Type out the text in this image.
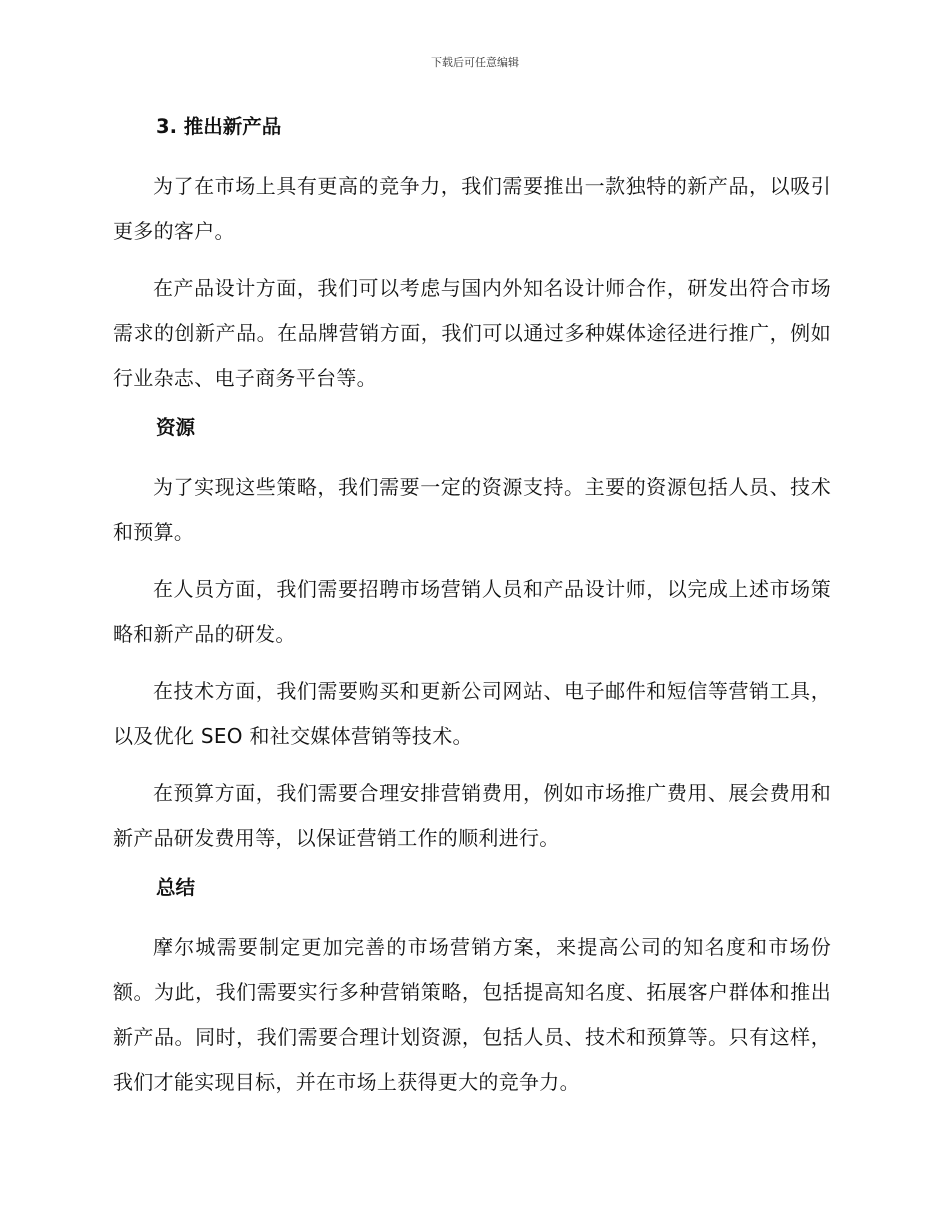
下载后可任意编辑
3. 推出新产品

为了在市场上具有更高的竞争力，我们需要推出一款独特的新产品，以吸引更多的客户。

在产品设计方面，我们可以考虑与国内外知名设计师合作，研发出符合市场需求的创新产品。在品牌营销方面，我们可以通过多种媒体途径进行推广，例如行业杂志、电子商务平台等。

资源

为了实现这些策略，我们需要一定的资源支持。主要的资源包括人员、技术和预算。

在人员方面，我们需要招聘市场营销人员和产品设计师，以完成上述市场策略和新产品的研发。

在技术方面，我们需要购买和更新公司网站、电子邮件和短信等营销工具，以及优化 SEO 和社交媒体营销等技术。

在预算方面，我们需要合理安排营销费用，例如市场推广费用、展会费用和新产品研发费用等，以保证营销工作的顺利进行。

总结

摩尔城需要制定更加完善的市场营销方案，来提高公司的知名度和市场份额。为此，我们需要实行多种营销策略，包括提高知名度、拓展客户群体和推出新产品。同时，我们需要合理计划资源，包括人员、技术和预算等。只有这样，我们才能实现目标，并在市场上获得更大的竞争力。
